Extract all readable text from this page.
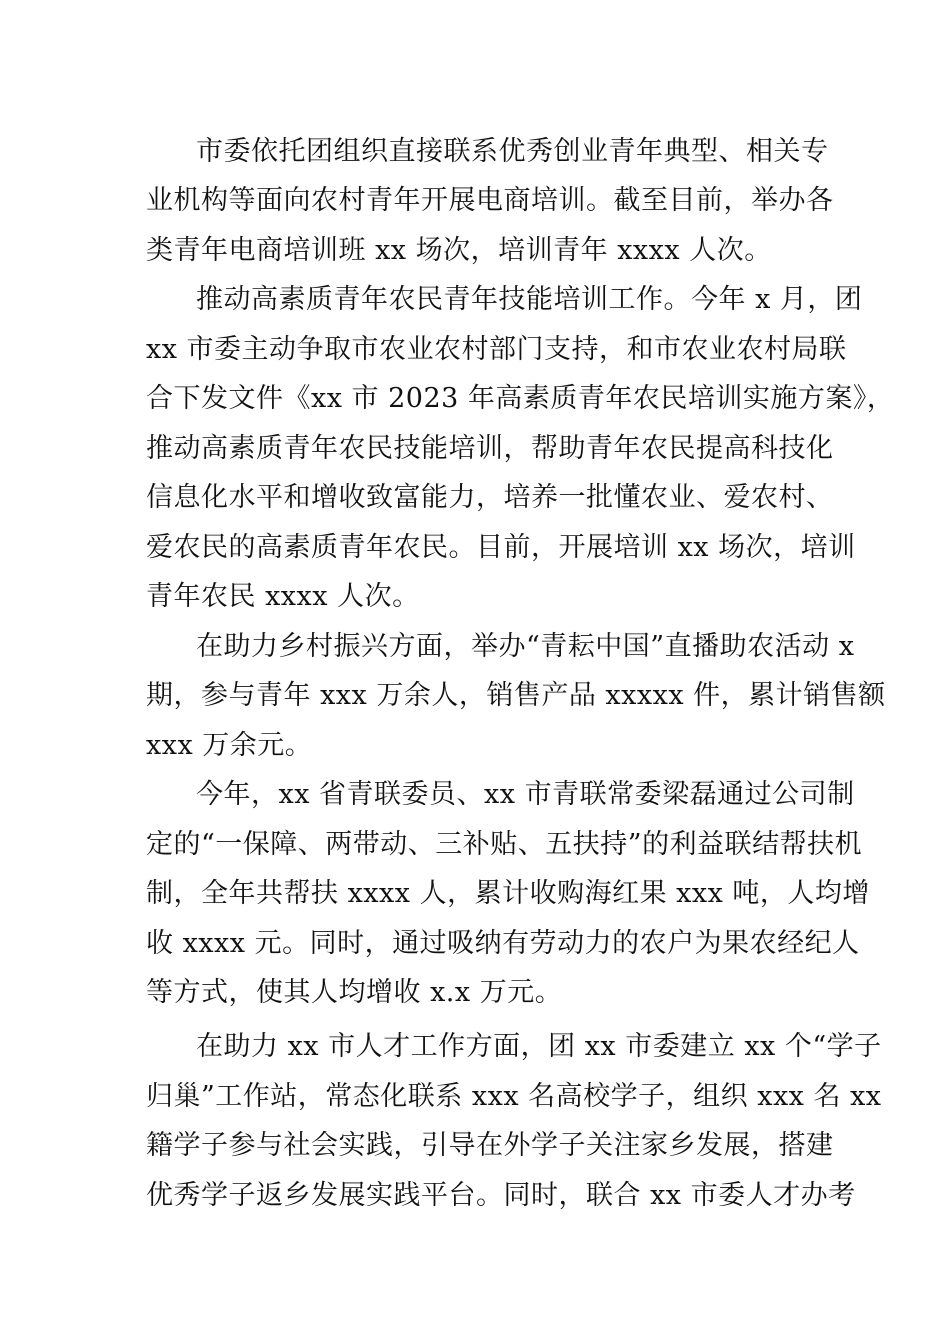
市委依托团组织直接联系优秀创业青年典型、相关专
业机构等面向农村青年开展电商培训。截至目前，举办各
类青年电商培训班 xx 场次，培训青年 xxxx 人次。
推动高素质青年农民青年技能培训工作。今年 x 月，团
xx 市委主动争取市农业农村部门支持，和市农业农村局联
合下发文件《xx 市 2023 年高素质青年农民培训实施方案》，
推动高素质青年农民技能培训，帮助青年农民提高科技化
信息化水平和增收致富能力，培养一批懂农业、爱农村、
爱农民的高素质青年农民。目前，开展培训 xx 场次，培训
青年农民 xxxx 人次。
在助力乡村振兴方面，举办“青耘中国”直播助农活动 x
期，参与青年 xxx 万余人，销售产品 xxxxx 件，累计销售额
xxx 万余元。
今年，xx 省青联委员、xx 市青联常委梁磊通过公司制
定的“一保障、两带动、三补贴、五扶持”的利益联结帮扶机
制，全年共帮扶 xxxx 人，累计收购海红果 xxx 吨，人均增
收 xxxx 元。同时，通过吸纳有劳动力的农户为果农经纪人
等方式，使其人均增收 x.x 万元。
在助力 xx 市人才工作方面，团 xx 市委建立 xx 个“学子
归巢”工作站，常态化联系 xxx 名高校学子，组织 xxx 名 xx
籍学子参与社会实践，引导在外学子关注家乡发展，搭建
优秀学子返乡发展实践平台。同时，联合 xx 市委人才办考
